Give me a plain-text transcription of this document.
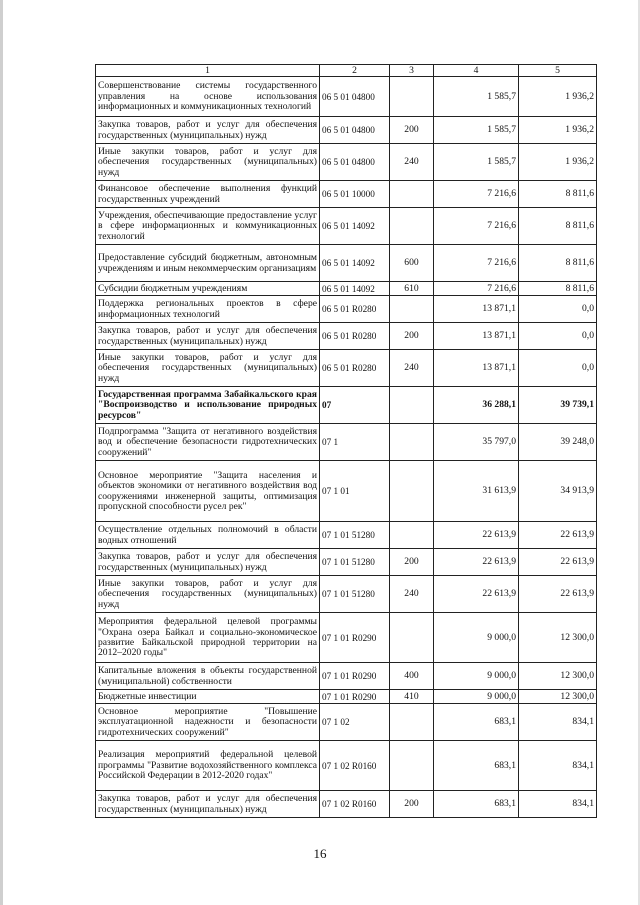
1	2	3	4	5
Совершенствование системы государственного управления на основе использования информационных и коммуникационных технологий	06 5 01 04800		1 585,7	1 936,2
Закупка товаров, работ и услуг для обеспечения государственных (муниципальных) нужд	06 5 01 04800	200	1 585,7	1 936,2
Иные закупки товаров, работ и услуг для обеспечения государственных (муниципальных) нужд	06 5 01 04800	240	1 585,7	1 936,2
Финансовое обеспечение выполнения функций государственных учреждений	06 5 01 10000		7 216,6	8 811,6
Учреждения, обеспечивающие предоставление услуг в сфере информационных и коммуникационных технологий	06 5 01 14092		7 216,6	8 811,6
Предоставление субсидий бюджетным, автономным учреждениям и иным некоммерческим организациям	06 5 01 14092	600	7 216,6	8 811,6
Субсидии бюджетным учреждениям	06 5 01 14092	610	7 216,6	8 811,6
Поддержка региональных проектов в сфере информационных технологий	06 5 01 R0280		13 871,1	0,0
Закупка товаров, работ и услуг для обеспечения государственных (муниципальных) нужд	06 5 01 R0280	200	13 871,1	0,0
Иные закупки товаров, работ и услуг для обеспечения государственных (муниципальных) нужд	06 5 01 R0280	240	13 871,1	0,0
Государственная программа Забайкальского края "Воспроизводство и использование природных ресурсов"	07		36 288,1	39 739,1
Подпрограмма "Защита от негативного воздействия вод и обеспечение безопасности гидротехнических сооружений"	07 1		35 797,0	39 248,0
Основное мероприятие "Защита населения и объектов экономики от негативного воздействия вод сооружениями инженерной защиты, оптимизация пропускной способности русел рек"	07 1 01		31 613,9	34 913,9
Осуществление отдельных полномочий в области водных отношений	07 1 01 51280		22 613,9	22 613,9
Закупка товаров, работ и услуг для обеспечения государственных (муниципальных) нужд	07 1 01 51280	200	22 613,9	22 613,9
Иные закупки товаров, работ и услуг для обеспечения государственных (муниципальных) нужд	07 1 01 51280	240	22 613,9	22 613,9
Мероприятия федеральной целевой программы "Охрана озера Байкал и социально-экономическое развитие Байкальской природной территории на 2012–2020 годы"	07 1 01 R0290		9 000,0	12 300,0
Капитальные вложения в объекты государственной (муниципальной) собственности	07 1 01 R0290	400	9 000,0	12 300,0
Бюджетные инвестиции	07 1 01 R0290	410	9 000,0	12 300,0
Основное мероприятие "Повышение эксплуатационной надежности и безопасности гидротехнических сооружений"	07 1 02		683,1	834,1
Реализация мероприятий федеральной целевой программы "Развитие водохозяйственного комплекса Российской Федерации в 2012-2020 годах"	07 1 02 R0160		683,1	834,1
Закупка товаров, работ и услуг для обеспечения государственных (муниципальных) нужд	07 1 02 R0160	200	683,1	834,1
16
